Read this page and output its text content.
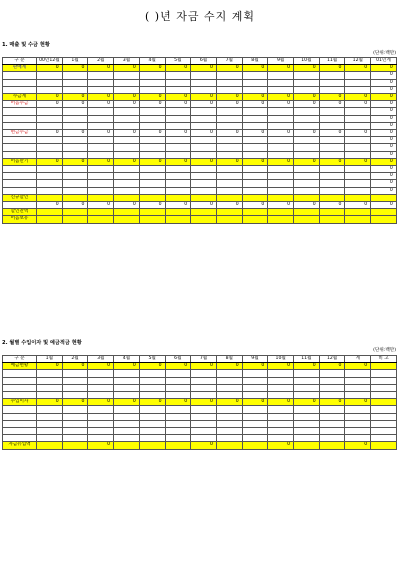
( )년 자금 수지 계획
1. 매출 및 수금 현황
(단위:백만)
구 분	00년12월	1월	2월	3월	4월	5월	6월	7월	8월	9월	10월	11월	12월	01년계
판매계	0	0	0	0	0	0	0	0	0	0	0	0	0	0
														0
														0
														0
수금계	0	0	0	0	0	0	0	0	0	0	0	0	0	0
어음수금	0	0	0	0	0	0	0	0	0	0	0	0	0	0
														0
														0
														0
현금수금	0	0	0	0	0	0	0	0	0	0	0	0	0	0
														0
														0
														0
어음만기	0	0	0	0	0	0	0	0	0	0	0	0	0	0
														0
														0
														0
														0
신규할인														
	0	0	0	0	0	0	0	0	0	0	0	0	0	0
할인잔액														
어음보유														
2. 월별 수입이자 및 예금적금 현황
(단위:백만)
구 분	1월	2월	3월	4월	5월	6월	7월	8월	9월	10월	11월	12월	계	비 고
예금현황	0	0	0	0	0	0	0	0	0	0	0	0	0	

수입이자	0	0	0	0	0	0	0	0	0	0	0	0	0	

자금유입액			0				0			0			0	
